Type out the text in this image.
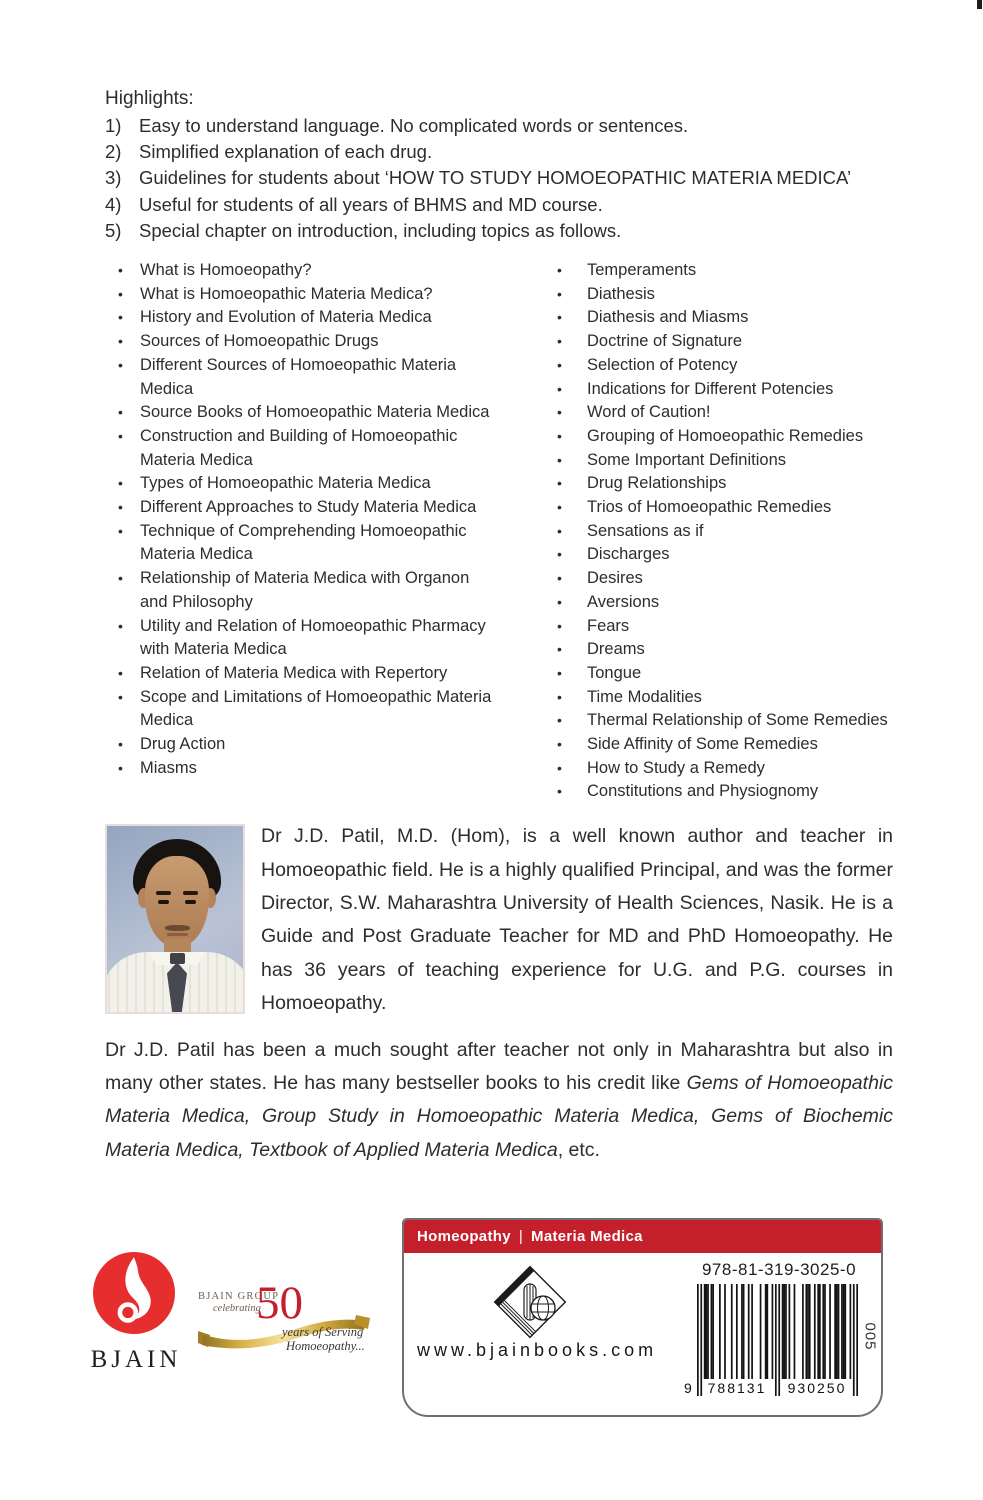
Highlights:
1) Easy to understand language. No complicated words or sentences.
2) Simplified explanation of each drug.
3) Guidelines for students about ‘HOW TO STUDY HOMOEOPATHIC MATERIA MEDICA’
4) Useful for students of all years of BHMS and MD course.
5) Special chapter on introduction, including topics as follows.
• What is Homoeopathy?
• What is Homoeopathic Materia Medica?
• History and Evolution of Materia Medica
• Sources of Homoeopathic Drugs
• Different Sources of Homoeopathic Materia Medica
• Source Books of Homoeopathic Materia Medica
• Construction and Building of Homoeopathic Materia Medica
• Types of Homoeopathic Materia Medica
• Different Approaches to Study Materia Medica
• Technique of Comprehending Homoeopathic Materia Medica
• Relationship of Materia Medica with Organon and Philosophy
• Utility and Relation of Homoeopathic Pharmacy with Materia Medica
• Relation of Materia Medica with Repertory
• Scope and Limitations of Homoeopathic Materia Medica
• Drug Action
• Miasms
• Temperaments
• Diathesis
• Diathesis and Miasms
• Doctrine of Signature
• Selection of Potency
• Indications for Different Potencies
• Word of Caution!
• Grouping of Homoeopathic Remedies
• Some Important Definitions
• Drug Relationships
• Trios of Homoeopathic Remedies
• Sensations as if
• Discharges
• Desires
• Aversions
• Fears
• Dreams
• Tongue
• Time Modalities
• Thermal Relationship of Some Remedies
• Side Affinity of Some Remedies
• How to Study a Remedy
• Constitutions and Physiognomy

Dr J.D. Patil, M.D. (Hom), is a well known author and teacher in Homoeopathic field. He is a highly qualified Principal, and was the former Director, S.W. Maharashtra University of Health Sciences, Nasik. He is a Guide and Post Graduate Teacher for MD and PhD Homoeopathy. He has 36 years of teaching experience for U.G. and P.G. courses in Homoeopathy.

Dr J.D. Patil has been a much sought after teacher not only in Maharashtra but also in many other states. He has many bestseller books to his credit like Gems of Homoeopathic Materia Medica, Group Study in Homoeopathic Materia Medica, Gems of Biochemic Materia Medica, Textbook of Applied Materia Medica, etc.

BJAIN
BJAIN GROUP
celebrating
50
years of Serving
Homoeopathy...
Homeopathy | Materia Medica
www.bjainbooks.com
978-81-319-3025-0
9 788131	930250
005
